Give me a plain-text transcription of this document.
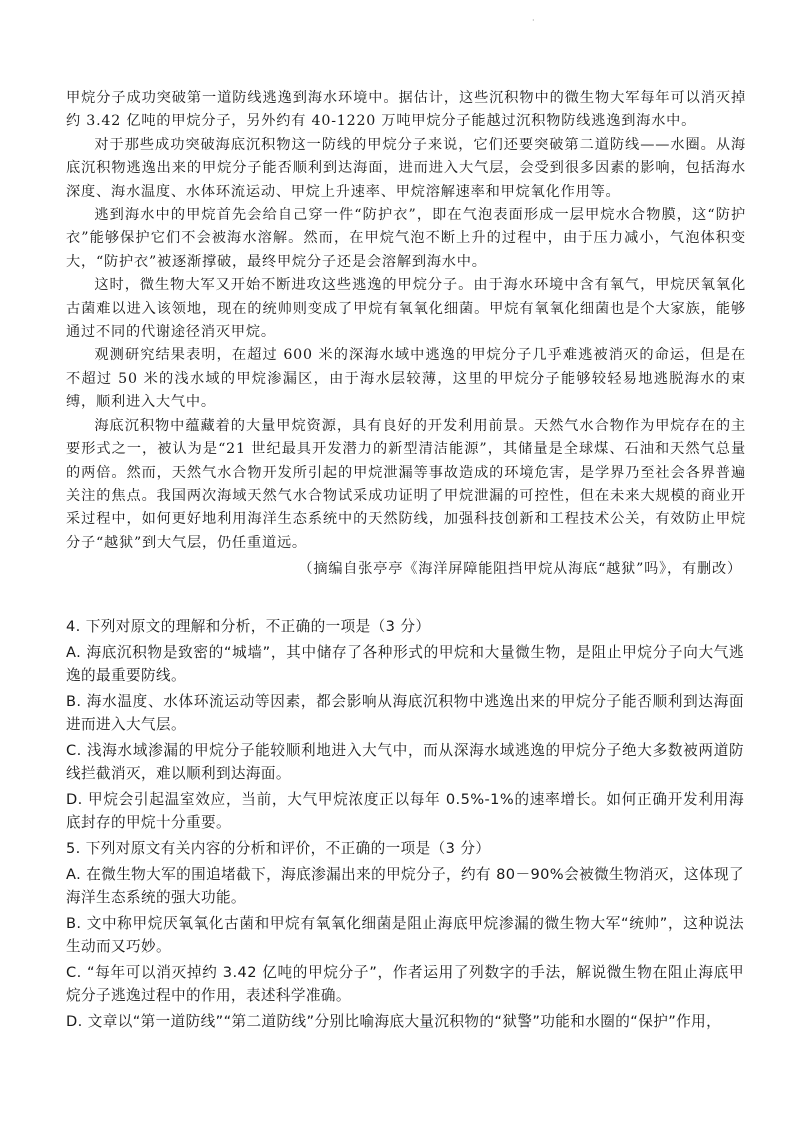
·

甲烷分子成功突破第一道防线逃逸到海水环境中。据估计，这些沉积物中的微生物大军每年可以消灭掉约 3.42 亿吨的甲烷分子，另外约有 40-1220 万吨甲烷分子能越过沉积物防线逃逸到海水中。

对于那些成功突破海底沉积物这一防线的甲烷分子来说，它们还要突破第二道防线——水圈。从海底沉积物逃逸出来的甲烷分子能否顺利到达海面，进而进入大气层，会受到很多因素的影响，包括海水深度、海水温度、水体环流运动、甲烷上升速率、甲烷溶解速率和甲烷氧化作用等。

逃到海水中的甲烷首先会给自己穿一件“防护衣”，即在气泡表面形成一层甲烷水合物膜，这“防护衣”能够保护它们不会被海水溶解。然而，在甲烷气泡不断上升的过程中，由于压力减小，气泡体积变大，“防护衣”被逐渐撑破，最终甲烷分子还是会溶解到海水中。

这时，微生物大军又开始不断进攻这些逃逸的甲烷分子。由于海水环境中含有氧气，甲烷厌氧氧化古菌难以进入该领地，现在的统帅则变成了甲烷有氧氧化细菌。甲烷有氧氧化细菌也是个大家族，能够通过不同的代谢途径消灭甲烷。

观测研究结果表明，在超过 600 米的深海水域中逃逸的甲烷分子几乎难逃被消灭的命运，但是在不超过 50 米的浅水域的甲烷渗漏区，由于海水层较薄，这里的甲烷分子能够较轻易地逃脱海水的束缚，顺利进入大气中。

海底沉积物中蕴藏着的大量甲烷资源，具有良好的开发利用前景。天然气水合物作为甲烷存在的主要形式之一，被认为是“21 世纪最具开发潜力的新型清洁能源”，其储量是全球煤、石油和天然气总量的两倍。然而，天然气水合物开发所引起的甲烷泄漏等事故造成的环境危害，是学界乃至社会各界普遍关注的焦点。我国两次海域天然气水合物试采成功证明了甲烷泄漏的可控性，但在未来大规模的商业开采过程中，如何更好地利用海洋生态系统中的天然防线，加强科技创新和工程技术公关，有效防止甲烷分子“越狱”到大气层，仍任重道远。

（摘编自张亭亭《海洋屏障能阻挡甲烷从海底“越狱”吗》，有删改）

4. 下列对原文的理解和分析，不正确的一项是（3 分）

A. 海底沉积物是致密的“城墙”，其中储存了各种形式的甲烷和大量微生物，是阻止甲烷分子向大气逃逸的最重要防线。

B. 海水温度、水体环流运动等因素，都会影响从海底沉积物中逃逸出来的甲烷分子能否顺利到达海面进而进入大气层。

C. 浅海水域渗漏的甲烷分子能较顺利地进入大气中，而从深海水域逃逸的甲烷分子绝大多数被两道防线拦截消灭，难以顺利到达海面。

D. 甲烷会引起温室效应，当前，大气甲烷浓度正以每年 0.5%-1%的速率增长。如何正确开发利用海底封存的甲烷十分重要。

5. 下列对原文有关内容的分析和评价，不正确的一项是（3 分）

A. 在微生物大军的围追堵截下，海底渗漏出来的甲烷分子，约有 80－90%会被微生物消灭，这体现了海洋生态系统的强大功能。

B. 文中称甲烷厌氧氧化古菌和甲烷有氧氧化细菌是阻止海底甲烷渗漏的微生物大军“统帅”，这种说法生动而又巧妙。

C. “每年可以消灭掉约 3.42 亿吨的甲烷分子”，作者运用了列数字的手法，解说微生物在阻止海底甲烷分子逃逸过程中的作用，表述科学准确。

D. 文章以“第一道防线”“第二道防线”分别比喻海底大量沉积物的“狱警”功能和水圈的“保护”作用，
